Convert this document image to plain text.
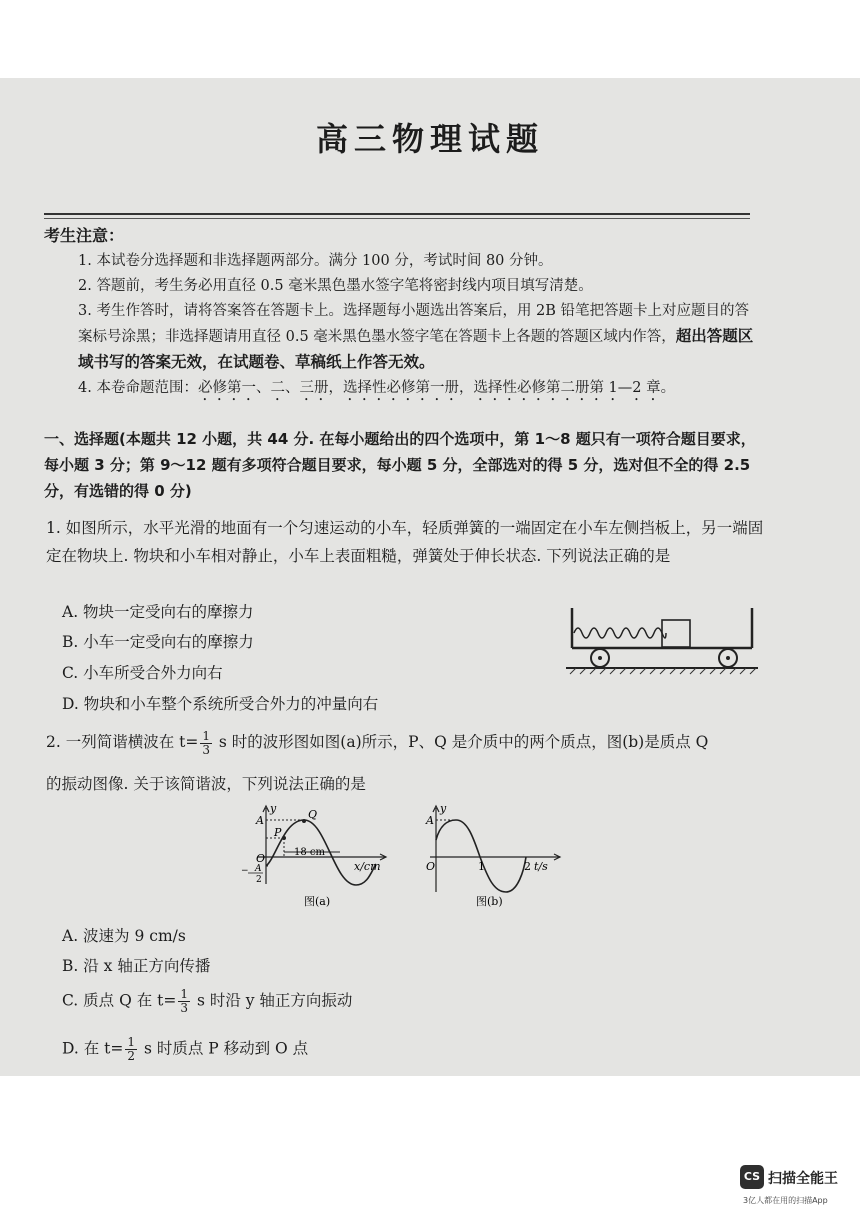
高三物理试题
考生注意：
1. 本试卷分选择题和非选择题两部分。满分 100 分，考试时间 80 分钟。
2. 答题前，考生务必用直径 0.5 毫米黑色墨水签字笔将密封线内项目填写清楚。
3. 考生作答时，请将答案答在答题卡上。选择题每小题选出答案后，用 2B 铅笔把答题卡上对应题目的答案标号涂黑；非选择题请用直径 0.5 毫米黑色墨水签字笔在答题卡上各题的答题区域内作答，超出答题区域书写的答案无效，在试题卷、草稿纸上作答无效。
4. 本卷命题范围：必修第一、二、三册，选择性必修第一册，选择性必修第二册第 1—2 章。
一、选择题(本题共 12 小题，共 44 分. 在每小题给出的四个选项中，第 1～8 题只有一项符合题目要求，每小题 3 分；第 9～12 题有多项符合题目要求，每小题 5 分，全部选对的得 5 分，选对但不全的得 2.5 分，有选错的得 0 分)
1. 如图所示，水平光滑的地面有一个匀速运动的小车，轻质弹簧的一端固定在小车左侧挡板上，另一端固定在物块上. 物块和小车相对静止，小车上表面粗糙，弹簧处于伸长状态. 下列说法正确的是
A. 物块一定受向右的摩擦力
B. 小车一定受向右的摩擦力
C. 小车所受合外力向右
D. 物块和小车整个系统所受合外力的冲量向右
2. 一列简谐横波在 $t= \frac{1}{3}$ s 时的波形图如图(a)所示，P、Q 是介质中的两个质点，图(b)是质点 Q
的振动图像. 关于该简谐波，下列说法正确的是
y
x/cm
A
A
−
2
O
P
Q
18 cm
图(a)
y
t/s
A
O	1	2
图(b)
A. 波速为 9 cm/s
B. 沿 x 轴正方向传播
C. 质点 Q 在 $t= \frac{1}{3}$ s 时沿 y 轴正方向振动
D. 在 $t= \frac{1}{2}$ s 时质点 P 移动到 O 点
CS 扫描全能王
3亿人都在用的扫描App
